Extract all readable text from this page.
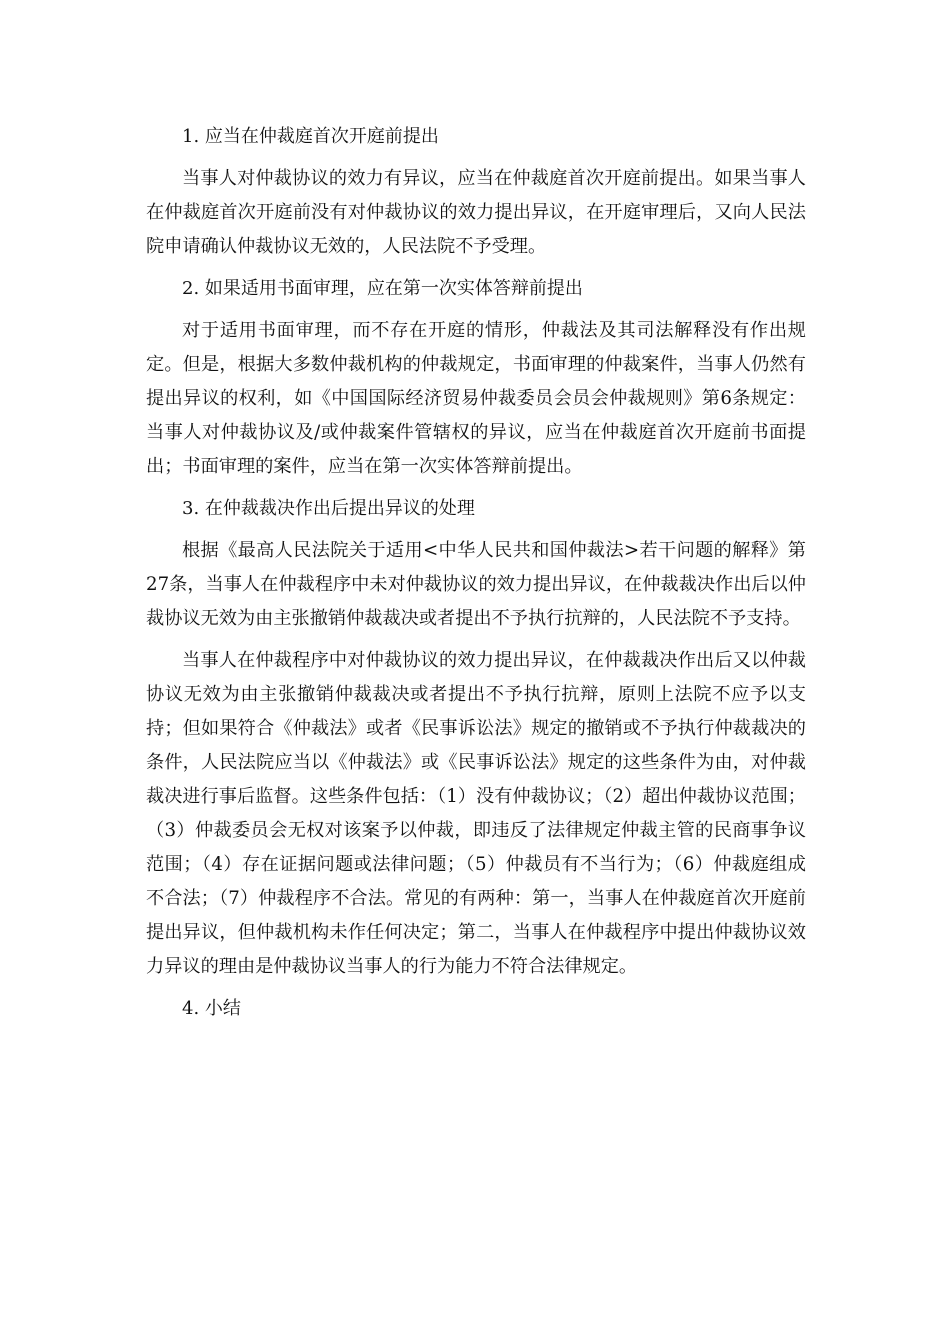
1. 应当在仲裁庭首次开庭前提出

当事人对仲裁协议的效力有异议，应当在仲裁庭首次开庭前提出。如果当事人在仲裁庭首次开庭前没有对仲裁协议的效力提出异议，在开庭审理后，又向人民法院申请确认仲裁协议无效的，人民法院不予受理。

2. 如果适用书面审理，应在第一次实体答辩前提出

对于适用书面审理，而不存在开庭的情形，仲裁法及其司法解释没有作出规定。但是，根据大多数仲裁机构的仲裁规定，书面审理的仲裁案件，当事人仍然有提出异议的权利，如《中国国际经济贸易仲裁委员会员会仲裁规则》第6条规定：当事人对仲裁协议及/或仲裁案件管辖权的异议，应当在仲裁庭首次开庭前书面提出；书面审理的案件，应当在第一次实体答辩前提出。

3. 在仲裁裁决作出后提出异议的处理

根据《最高人民法院关于适用<中华人民共和国仲裁法>若干问题的解释》第27条，当事人在仲裁程序中未对仲裁协议的效力提出异议，在仲裁裁决作出后以仲裁协议无效为由主张撤销仲裁裁决或者提出不予执行抗辩的，人民法院不予支持。

当事人在仲裁程序中对仲裁协议的效力提出异议，在仲裁裁决作出后又以仲裁协议无效为由主张撤销仲裁裁决或者提出不予执行抗辩，原则上法院不应予以支持；但如果符合《仲裁法》或者《民事诉讼法》规定的撤销或不予执行仲裁裁决的条件，人民法院应当以《仲裁法》或《民事诉讼法》规定的这些条件为由，对仲裁裁决进行事后监督。这些条件包括：（1）没有仲裁协议；（2）超出仲裁协议范围；（3）仲裁委员会无权对该案予以仲裁，即违反了法律规定仲裁主管的民商事争议范围；（4）存在证据问题或法律问题；（5）仲裁员有不当行为；（6）仲裁庭组成不合法；（7）仲裁程序不合法。常见的有两种：第一，当事人在仲裁庭首次开庭前提出异议，但仲裁机构未作任何决定；第二，当事人在仲裁程序中提出仲裁协议效力异议的理由是仲裁协议当事人的行为能力不符合法律规定。

4. 小结
